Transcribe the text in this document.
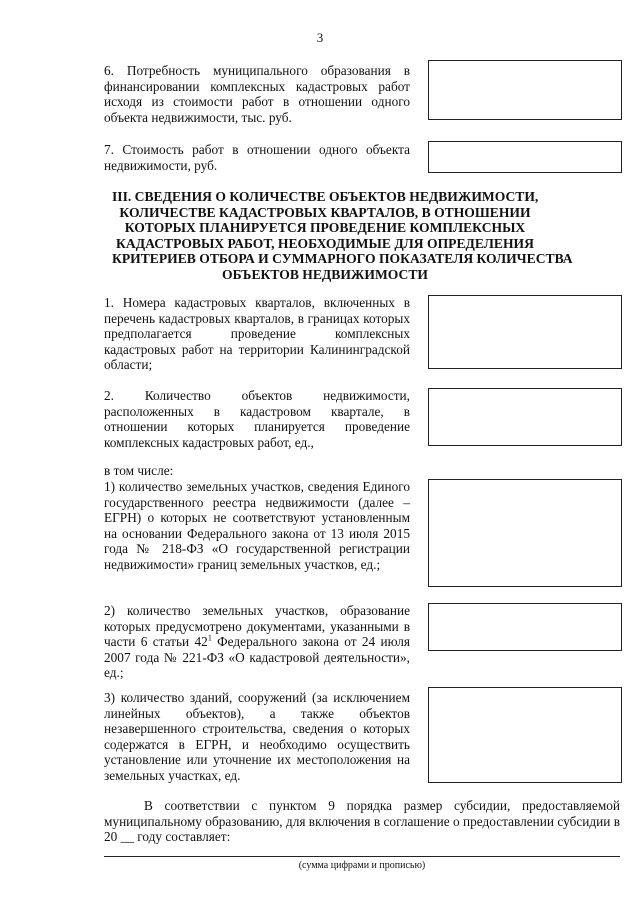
3
6. Потребность муниципального образования в финансировании комплексных кадастровых работ исходя из стоимости работ в отношении одного объекта недвижимости, тыс. руб.
7. Стоимость работ в отношении одного объекта недвижимости, руб.
III. СВЕДЕНИЯ О КОЛИЧЕСТВЕ ОБЪЕКТОВ НЕДВИЖИМОСТИ,
КОЛИЧЕСТВЕ КАДАСТРОВЫХ КВАРТАЛОВ, В ОТНОШЕНИИ
КОТОРЫХ ПЛАНИРУЕТСЯ ПРОВЕДЕНИЕ КОМПЛЕКСНЫХ
КАДАСТРОВЫХ РАБОТ, НЕОБХОДИМЫЕ ДЛЯ ОПРЕДЕЛЕНИЯ
КРИТЕРИЕВ ОТБОРА И СУММАРНОГО ПОКАЗАТЕЛЯ КОЛИЧЕСТВА
ОБЪЕКТОВ НЕДВИЖИМОСТИ
1. Номера кадастровых кварталов, включенных в перечень кадастровых кварталов, в границах которых предполагается проведение комплексных кадастровых работ на территории Калининградской области;
2. Количество объектов недвижимости, расположенных в кадастровом квартале, в отношении которых планируется проведение комплексных кадастровых работ, ед.,
в том числе:
1) количество земельных участков, сведения Единого государственного реестра недвижимости (далее – ЕГРН) о которых не соответствуют установленным на основании Федерального закона от 13 июля 2015 года № 218-ФЗ «О государственной регистрации недвижимости» границ земельных участков, ед.;
2) количество земельных участков, образование которых предусмотрено документами, указанными в части 6 статьи $42^1$ Федерального закона от 24 июля 2007 года № 221-ФЗ «О кадастровой деятельности», ед.;
3) количество зданий, сооружений (за исключением линейных объектов), а также объектов незавершенного строительства, сведения о которых содержатся в ЕГРН, и необходимо осуществить установление или уточнение их местоположения на земельных участках, ед.
В соответствии с пунктом 9 порядка размер субсидии, предоставляемой муниципальному образованию, для включения в соглашение о предоставлении субсидии в 20 __ году составляет:
(сумма цифрами и прописью)
